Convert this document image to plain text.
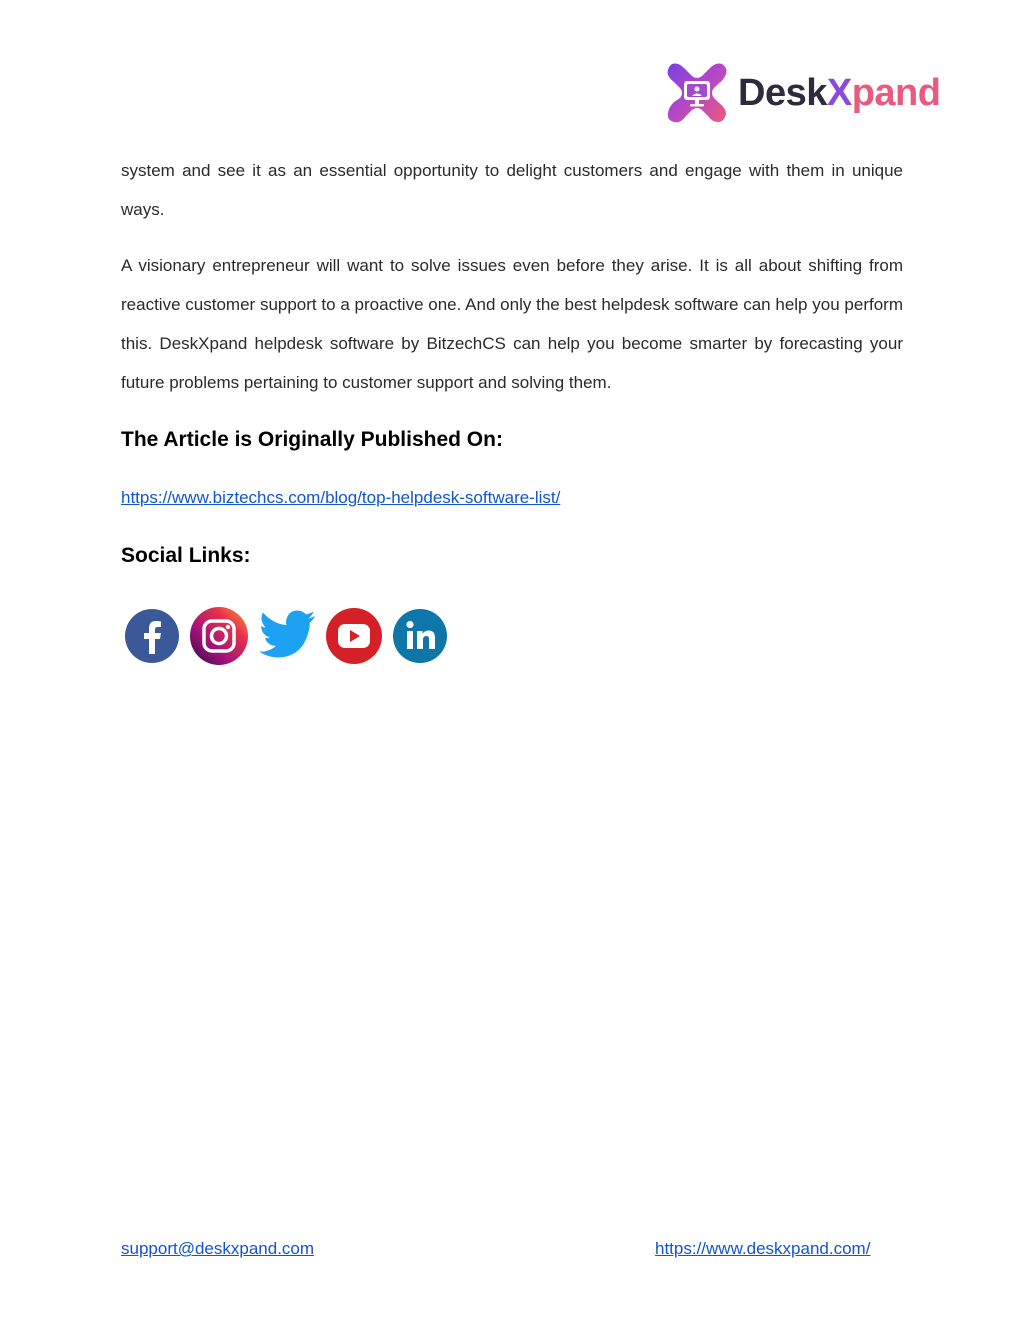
DeskXpand

system and see it as an essential opportunity to delight customers and engage with them in unique ways.

A visionary entrepreneur will want to solve issues even before they arise. It is all about shifting from reactive customer support to a proactive one. And only the best helpdesk software can help you perform this. DeskXpand helpdesk software by BitzechCS can help you become smarter by forecasting your future problems pertaining to customer support and solving them.

The Article is Originally Published On:
https://www.biztechcs.com/blog/top-helpdesk-software-list/
Social Links:
support@deskxpand.com	https://www.deskxpand.com/
